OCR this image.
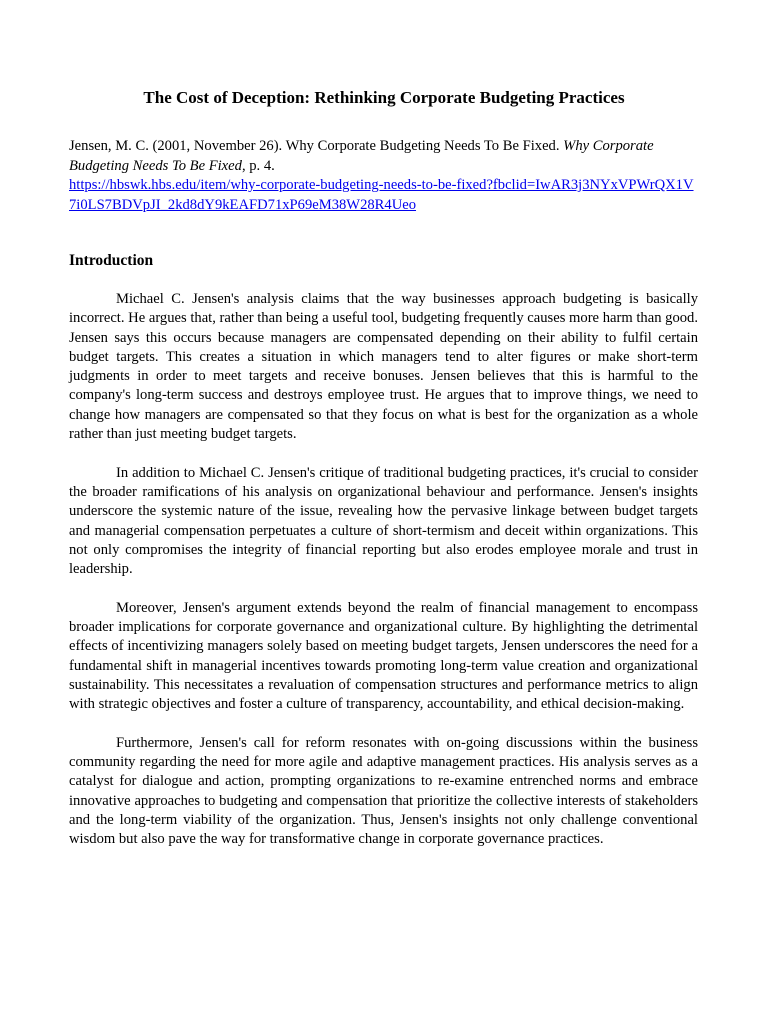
The Cost of Deception: Rethinking Corporate Budgeting Practices
Jensen, M. C. (2001, November 26). Why Corporate Budgeting Needs To Be Fixed. Why Corporate Budgeting Needs To Be Fixed, p. 4.
https://hbswk.hbs.edu/item/why-corporate-budgeting-needs-to-be-fixed?fbclid=IwAR3j3NYxVPWrQX1V7i0LS7BDVpJI_2kd8dY9kEAFD71xP69eM38W28R4Ueo
Introduction

Michael C. Jensen's analysis claims that the way businesses approach budgeting is basically incorrect. He argues that, rather than being a useful tool, budgeting frequently causes more harm than good. Jensen says this occurs because managers are compensated depending on their ability to fulfil certain budget targets. This creates a situation in which managers tend to alter figures or make short-term judgments in order to meet targets and receive bonuses. Jensen believes that this is harmful to the company's long-term success and destroys employee trust. He argues that to improve things, we need to change how managers are compensated so that they focus on what is best for the organization as a whole rather than just meeting budget targets.

In addition to Michael C. Jensen's critique of traditional budgeting practices, it's crucial to consider the broader ramifications of his analysis on organizational behaviour and performance. Jensen's insights underscore the systemic nature of the issue, revealing how the pervasive linkage between budget targets and managerial compensation perpetuates a culture of short-termism and deceit within organizations. This not only compromises the integrity of financial reporting but also erodes employee morale and trust in leadership.

Moreover, Jensen's argument extends beyond the realm of financial management to encompass broader implications for corporate governance and organizational culture. By highlighting the detrimental effects of incentivizing managers solely based on meeting budget targets, Jensen underscores the need for a fundamental shift in managerial incentives towards promoting long-term value creation and organizational sustainability. This necessitates a revaluation of compensation structures and performance metrics to align with strategic objectives and foster a culture of transparency, accountability, and ethical decision-making.

Furthermore, Jensen's call for reform resonates with on-going discussions within the business community regarding the need for more agile and adaptive management practices. His analysis serves as a catalyst for dialogue and action, prompting organizations to re-examine entrenched norms and embrace innovative approaches to budgeting and compensation that prioritize the collective interests of stakeholders and the long-term viability of the organization. Thus, Jensen's insights not only challenge conventional wisdom but also pave the way for transformative change in corporate governance practices.
